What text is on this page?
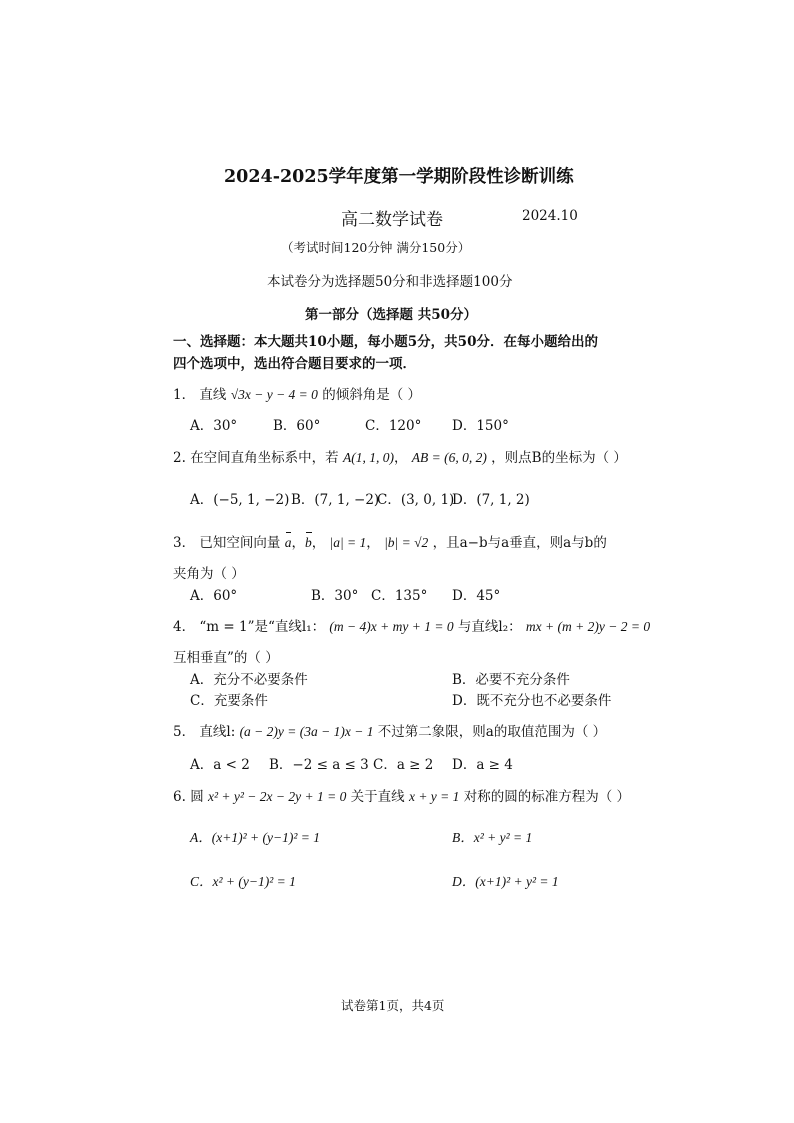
2024-2025学年度第一学期阶段性诊断训练
高二数学试卷	2024.10
（考试时间120分钟 满分150分）
本试卷分为选择题50分和非选择题100分
第一部分（选择题 共50分）
一、选择题：本大题共10小题，每小题5分，共50分．在每小题给出的
四个选项中，选出符合题目要求的一项．
1． 直线 √3x − y − 4 = 0 的倾斜角是（ ）
A．30°	B．60°	C．120° D．150°
2. 在空间直角坐标系中，若 A(1, 1, 0)， AB = (6, 0, 2) ，则点B的坐标为（ ）
A．(−5, 1, −2) B．(7, 1, −2)
C．(3, 0, 1)
D．(7, 1, 2)
3． 已知空间向量 a，b， |a| = 1， |b| = √2 ，且a−b与a垂直，则a与b的
夹角为（ ）
A．60°	B．30° C．135° D．45°
4． “m = 1”是“直线l₁： (m − 4)x + my + 1 = 0 与直线l₂： mx + (m + 2)y − 2 = 0
互相垂直”的（ ）
A．充分不必要条件	B．必要不充分条件
C．充要条件	D．既不充分也不必要条件
5． 直线l: (a − 2)y = (3a − 1)x − 1 不过第二象限，则a的取值范围为（ ）
A．a < 2 B．−2 ≤ a ≤ 3 C．a ≥ 2 D．a ≥ 4
6. 圆 x² + y² − 2x − 2y + 1 = 0 关于直线 x + y = 1 对称的圆的标准方程为（ ）
A．(x+1)² + (y−1)² = 1	B．x² + y² = 1
C．x² + (y−1)² = 1	D．(x+1)² + y² = 1
试卷第1页，共4页
